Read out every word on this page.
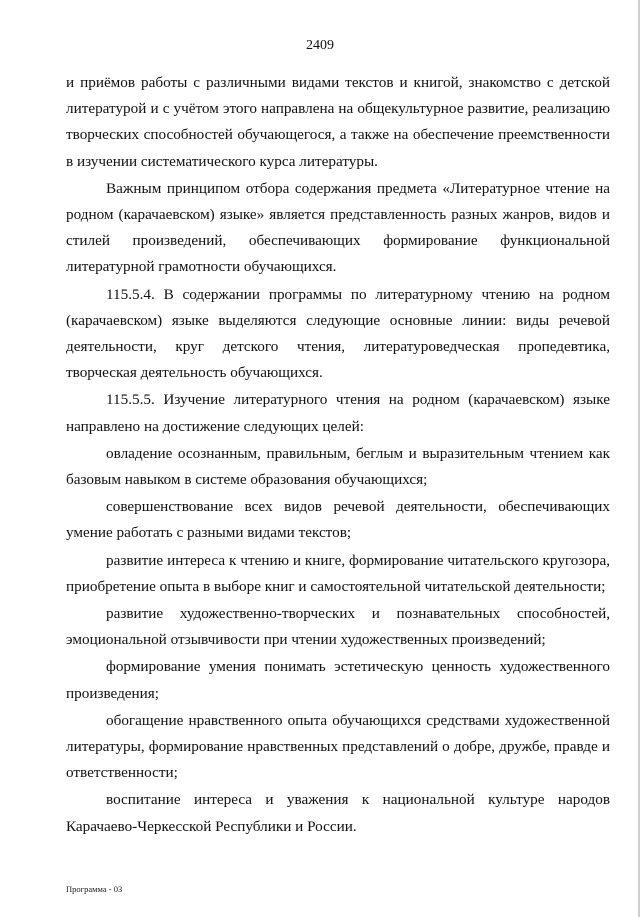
2409

и приёмов работы с различными видами текстов и книгой, знакомство с детской литературой и с учётом этого направлена на общекультурное развитие, реализацию творческих способностей обучающегося, а также на обеспечение преемственности в изучении систематического курса литературы.

Важным принципом отбора содержания предмета «Литературное чтение на родном (карачаевском) языке» является представленность разных жанров, видов и стилей произведений, обеспечивающих формирование функциональной литературной грамотности обучающихся.

115.5.4. В содержании программы по литературному чтению на родном (карачаевском) языке выделяются следующие основные линии: виды речевой деятельности, круг детского чтения, литературоведческая пропедевтика, творческая деятельность обучающихся.

115.5.5. Изучение литературного чтения на родном (карачаевском) языке направлено на достижение следующих целей:

овладение осознанным, правильным, беглым и выразительным чтением как базовым навыком в системе образования обучающихся;

совершенствование всех видов речевой деятельности, обеспечивающих умение работать с разными видами текстов;

развитие интереса к чтению и книге, формирование читательского кругозора, приобретение опыта в выборе книг и самостоятельной читательской деятельности;

развитие художественно-творческих и познавательных способностей, эмоциональной отзывчивости при чтении художественных произведений;

формирование умения понимать эстетическую ценность художественного произведения;

обогащение нравственного опыта обучающихся средствами художественной литературы, формирование нравственных представлений о добре, дружбе, правде и ответственности;

воспитание интереса и уважения к национальной культуре народов Карачаево-Черкесской Республики и России.

Программа - 03
